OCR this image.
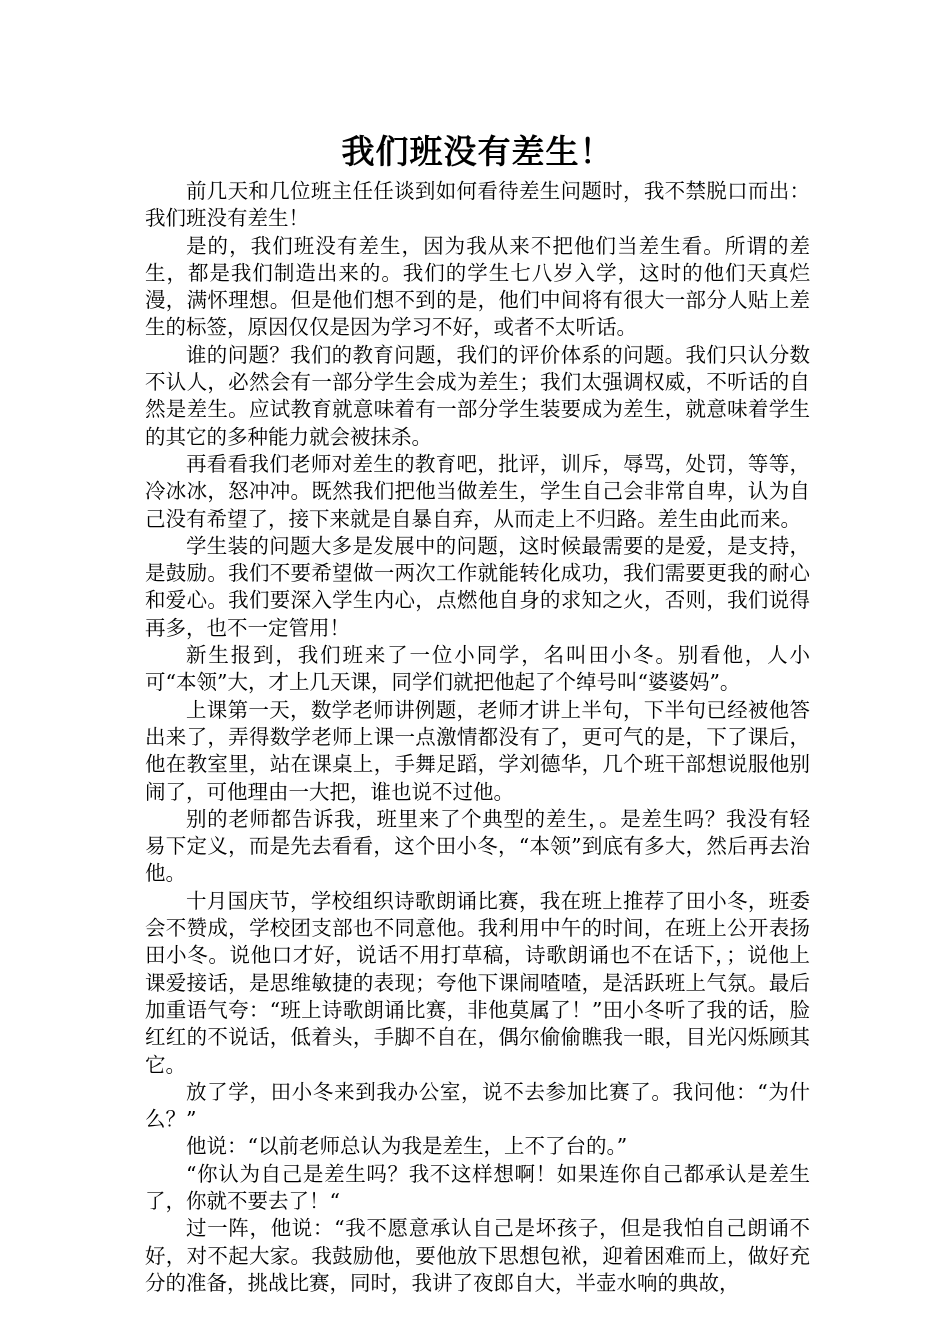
我们班没有差生！

前几天和几位班主任任谈到如何看待差生问题时，我不禁脱口而出：我们班没有差生！

是的，我们班没有差生，因为我从来不把他们当差生看。所谓的差生，都是我们制造出来的。我们的学生七八岁入学，这时的他们天真烂漫，满怀理想。但是他们想不到的是，他们中间将有很大一部分人贴上差生的标签，原因仅仅是因为学习不好，或者不太听话。

谁的问题？我们的教育问题，我们的评价体系的问题。我们只认分数不认人，必然会有一部分学生会成为差生；我们太强调权威，不听话的自然是差生。应试教育就意味着有一部分学生装要成为差生，就意味着学生的其它的多种能力就会被抹杀。

再看看我们老师对差生的教育吧，批评，训斥，辱骂，处罚，等等，冷冰冰，怒冲冲。既然我们把他当做差生，学生自己会非常自卑，认为自己没有希望了，接下来就是自暴自弃，从而走上不归路。差生由此而来。

学生装的问题大多是发展中的问题，这时候最需要的是爱，是支持，是鼓励。我们不要希望做一两次工作就能转化成功，我们需要更我的耐心和爱心。我们要深入学生内心，点燃他自身的求知之火，否则，我们说得再多，也不一定管用！

新生报到，我们班来了一位小同学，名叫田小冬。别看他，人小可“本领”大，才上几天课，同学们就把他起了个绰号叫“婆婆妈”。

上课第一天，数学老师讲例题，老师才讲上半句，下半句已经被他答出来了，弄得数学老师上课一点激情都没有了，更可气的是，下了课后，他在教室里，站在课桌上，手舞足蹈，学刘德华，几个班干部想说服他别闹了，可他理由一大把，谁也说不过他。

别的老师都告诉我，班里来了个典型的差生，。是差生吗？我没有轻易下定义，而是先去看看，这个田小冬，“本领”到底有多大，然后再去治他。

十月国庆节，学校组织诗歌朗诵比赛，我在班上推荐了田小冬，班委会不赞成，学校团支部也不同意他。我利用中午的时间，在班上公开表扬田小冬。说他口才好，说话不用打草稿，诗歌朗诵也不在话下，；说他上课爱接话，是思维敏捷的表现；夸他下课闹喳喳，是活跃班上气氛。最后加重语气夸：“班上诗歌朗诵比赛，非他莫属了！”田小冬听了我的话，脸红红的不说话，低着头，手脚不自在，偶尔偷偷瞧我一眼，目光闪烁顾其它。

放了学，田小冬来到我办公室，说不去参加比赛了。我问他：“为什么？”

他说：“以前老师总认为我是差生，上不了台的。”

“你认为自己是差生吗？我不这样想啊！如果连你自己都承认是差生了，你就不要去了！“

过一阵，他说：“我不愿意承认自己是坏孩子，但是我怕自己朗诵不好，对不起大家。我鼓励他，要他放下思想包袱，迎着困难而上，做好充分的准备，挑战比赛，同时，我讲了夜郎自大，半壶水响的典故，
